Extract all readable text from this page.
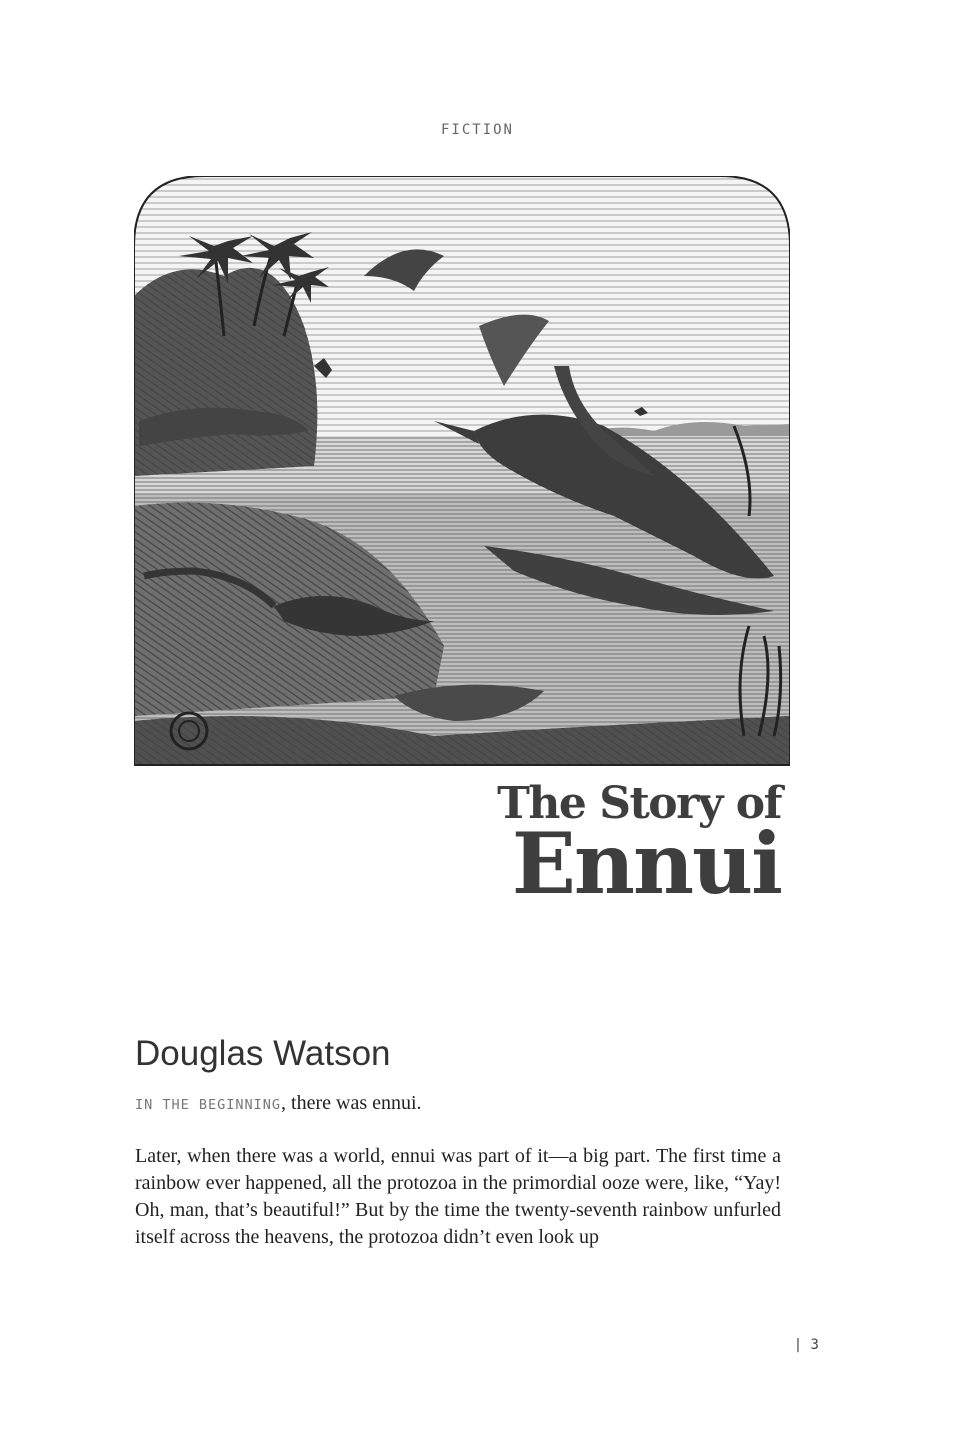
FICTION
The Story of
Ennui
Douglas Watson

IN THE BEGINNING, there was ennui.

Later, when there was a world, ennui was part of it—a big part. The first time a rainbow ever happened, all the protozoa in the primordial ooze were, like, “Yay! Oh, man, that’s beautiful!” But by the time the twenty-seventh rainbow unfurled itself across the heavens, the protozoa didn’t even look up

| 3
